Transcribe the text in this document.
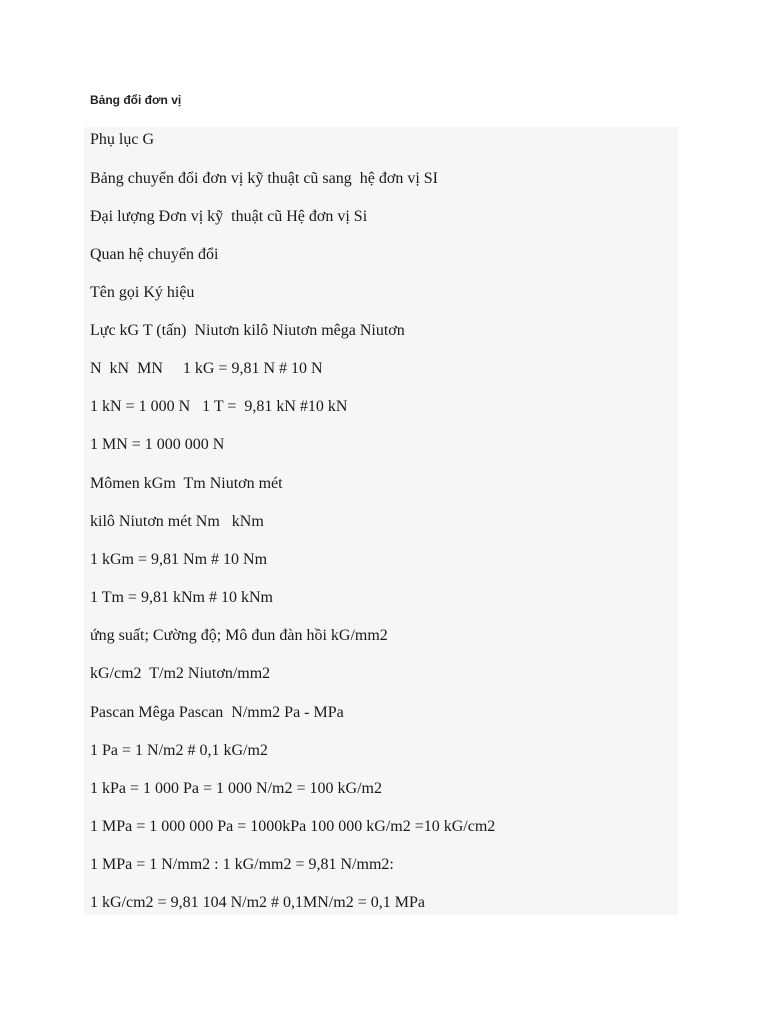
Bảng đổi đơn vị
Phụ lục G
Bảng chuyển đổi đơn vị kỹ thuật cũ sang  hệ đơn vị SI
Đại lượng Đơn vị kỹ  thuật cũ Hệ đơn vị Si
Quan hệ chuyển đổi
Tên gọi Ký hiệu
Lực kG T (tấn)  Niutơn kilô Niutơn mêga Niutơn
N  kN  MN     1 kG = 9,81 N # 10 N
1 kN = 1 000 N   1 T =  9,81 kN #10 kN
1 MN = 1 000 000 N
Mômen kGm  Tm Niutơn mét
kilô Niutơn mét Nm   kNm
1 kGm = 9,81 Nm # 10 Nm
1 Tm = 9,81 kNm # 10 kNm
ứng suất; Cường độ; Mô đun đàn hồi kG/mm2
kG/cm2  T/m2 Niutơn/mm2
Pascan Mêga Pascan  N/mm2 Pa - MPa
1 Pa = 1 N/m2 # 0,1 kG/m2
1 kPa = 1 000 Pa = 1 000 N/m2 = 100 kG/m2
1 MPa = 1 000 000 Pa = 1000kPa 100 000 kG/m2 =10 kG/cm2
1 MPa = 1 N/mm2 : 1 kG/mm2 = 9,81 N/mm2:
1 kG/cm2 = 9,81 104 N/m2 # 0,1MN/m2 = 0,1 MPa
